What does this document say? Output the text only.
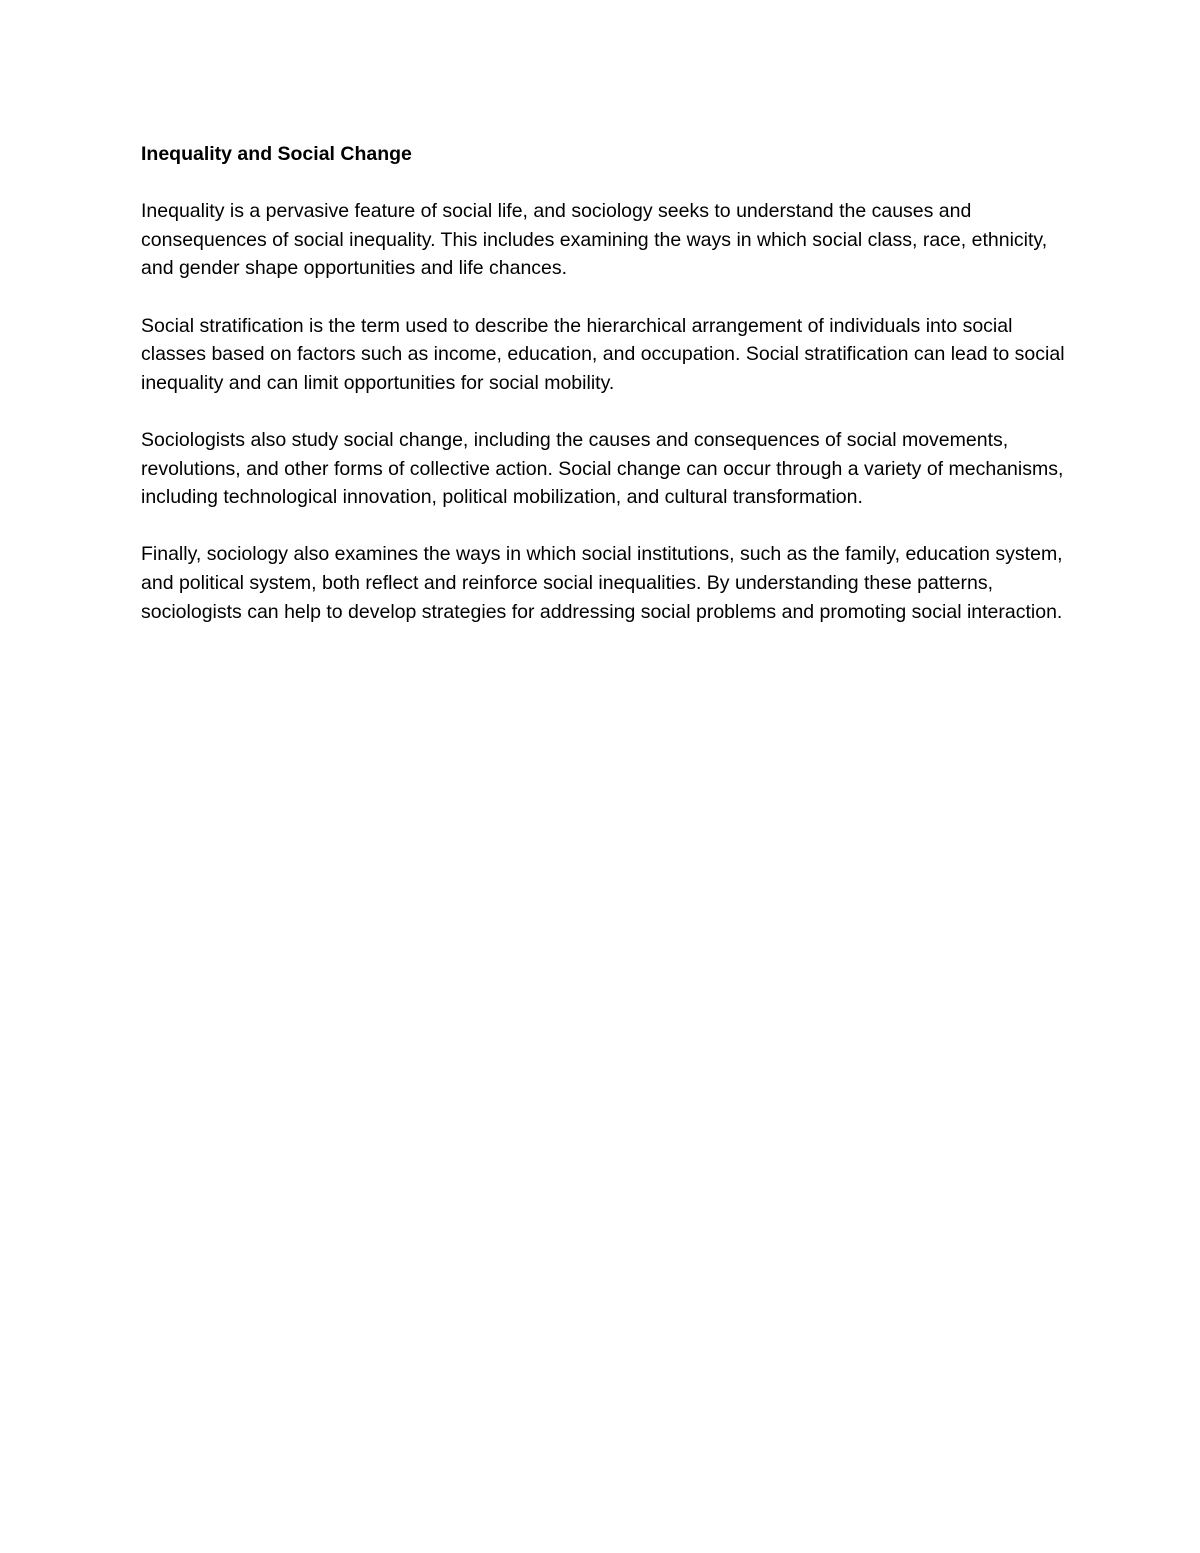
Inequality and Social Change

Inequality is a pervasive feature of social life, and sociology seeks to understand the causes and consequences of social inequality. This includes examining the ways in which social class, race, ethnicity, and gender shape opportunities and life chances.

Social stratification is the term used to describe the hierarchical arrangement of individuals into social classes based on factors such as income, education, and occupation. Social stratification can lead to social inequality and can limit opportunities for social mobility.

Sociologists also study social change, including the causes and consequences of social movements, revolutions, and other forms of collective action. Social change can occur through a variety of mechanisms, including technological innovation, political mobilization, and cultural transformation.

Finally, sociology also examines the ways in which social institutions, such as the family, education system, and political system, both reflect and reinforce social inequalities. By understanding these patterns, sociologists can help to develop strategies for addressing social problems and promoting social interaction.
